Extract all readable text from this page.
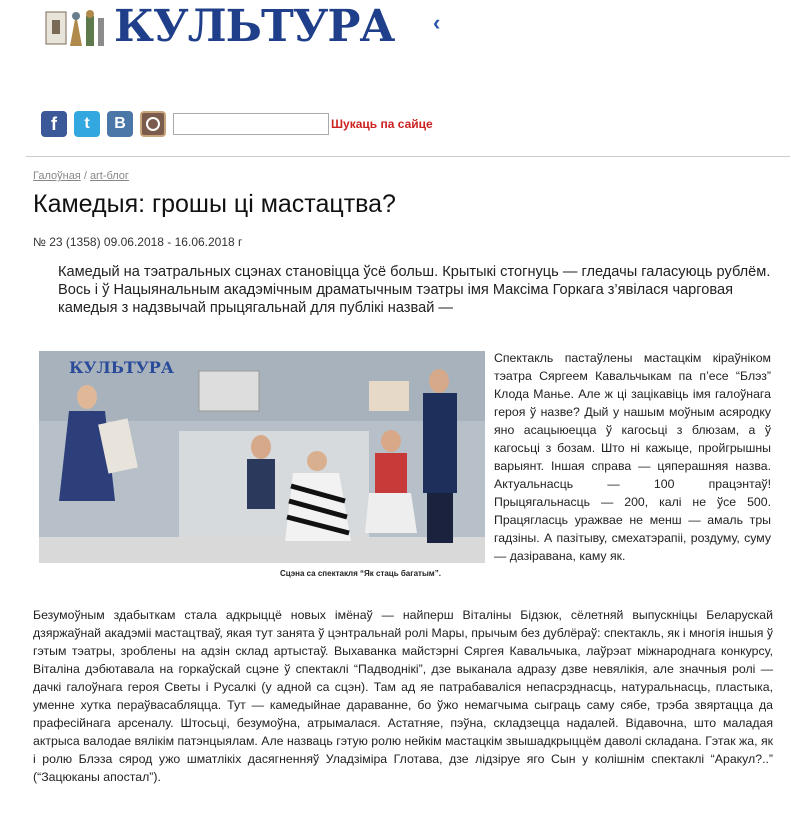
КУЛЬТУРА ‹
f	t	B	Шукаць па сайце
Галоўная / art-блог
Камедыя: грошы ці мастацтва?
№ 23 (1358) 09.06.2018 - 16.06.2018 г
Камедый на тэатральных сцэнах становіцца ўсё больш. Крытыкі стогнуць — гледачы галасуюць рублём. Вось і ў Нацыянальным акадэмічным драматычным тэатры імя Максіма Горкага з’явілася чарговая камедыя з надзвычай прыцягальнай для публікі назвай —
КУЛЬТУРА
Сцэна са спектакля “Як стаць багатым”.
Спектакль пастаўлены мастацкім кіраўніком тэатра Сяргеем Кавальчыкам па п’есе “Блэз” Клода Манье. Але ж ці зацікавіць імя галоўнага героя ў назве? Дый у нашым моўным асяродку яно асацыюецца ў кагосьці з блюзам, а ў кагосьці з бозам. Што ні кажыце, пройгрышны варыянт. Іншая справа — цяперашняя назва. Актуальнасць — 100 працэнтаў! Прыцягальнасць — 200, калі не ўсе 500. Працягласць уражвае не менш — амаль тры гадзіны. А пазітыву, смехатэрапіі, роздуму, суму — дазіравана, каму як.
Безумоўным здабыткам стала адкрыццё новых імёнаў — найперш Віталіны Бідзюк, сёлетняй выпускніцы Беларускай дзяржаўнай акадэміі мастацтваў, якая тут занята ў цэнтральнай ролі Мары, прычым без дублёраў: спектакль, як і многія іншыя ў гэтым тэатры, зроблены на адзін склад артыстаў. Выхаванка майстэрні Сяргея Кавальчыка, лаўрэат міжнароднага конкурсу, Віталіна дэбютавала на горкаўскай сцэне ў спектаклі “Падводнікі”, дзе выканала адразу дзве невялікія, але значныя ролі — дачкі галоўнага героя Светы і Русалкі (у адной са сцэн). Там ад яе патрабаваліся непасрэднасць, натуральнасць, пластыка, уменне хутка пераўвасабляцца. Тут — камедыйнае дараванне, бо ўжо немагчыма сыграць саму сябе, трэба звяртацца да прафесійнага арсеналу. Штосьці, безумоўна, атрымалася. Астатняе, пэўна, складзецца надалей. Відавочна, што маладая актрыса валодае вялікім патэнцыялам. Але назваць гэтую ролю нейкім мастацкім звышадкрыццём даволі складана. Гэтак жа, як і ролю Блэза сярод ужо шматлікіх дасягненняў Уладзіміра Глотава, дзе лідзіруе яго Сын у колішнім спектаклі “Аракул?..” (“Зацюканы апостал”).
